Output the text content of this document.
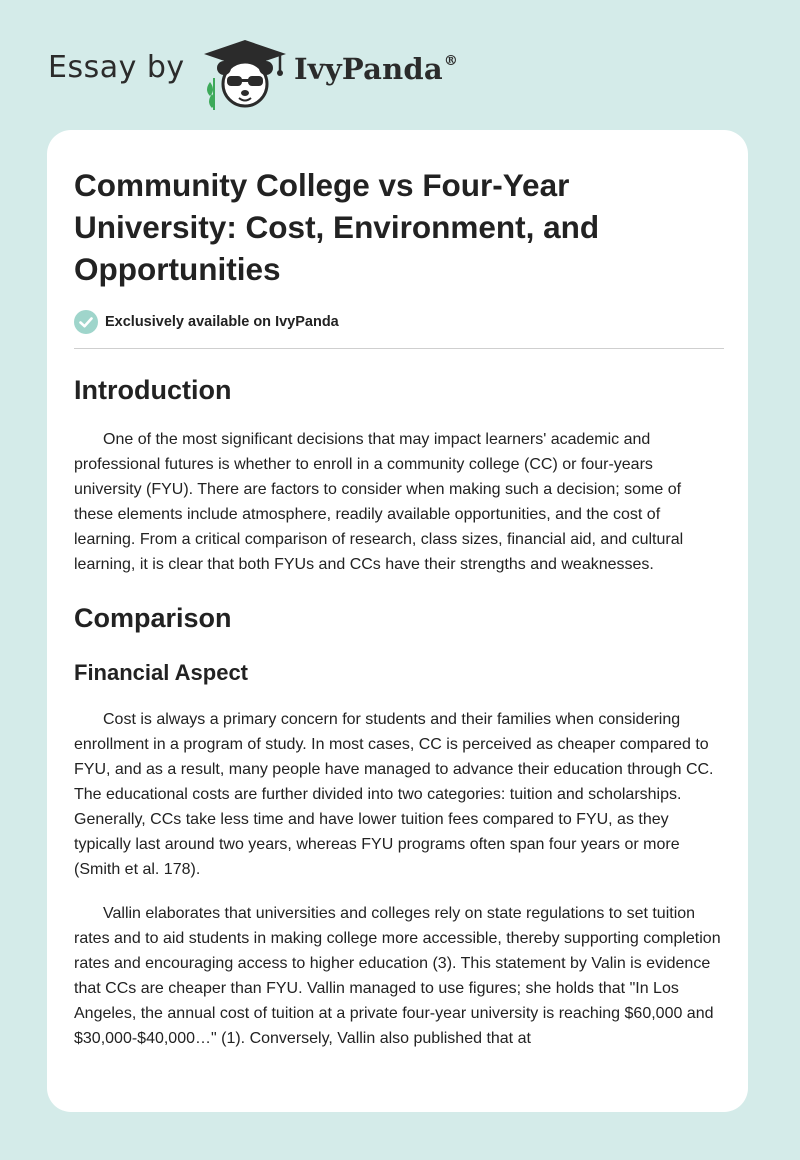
Essay by	IvyPanda®
Community College vs Four-Year University: Cost, Environment, and Opportunities
Exclusively available on IvyPanda
Introduction

One of the most significant decisions that may impact learners' academic and professional futures is whether to enroll in a community college (CC) or four-years university (FYU). There are factors to consider when making such a decision; some of these elements include atmosphere, readily available opportunities, and the cost of learning. From a critical comparison of research, class sizes, financial aid, and cultural learning, it is clear that both FYUs and CCs have their strengths and weaknesses.

Comparison
Financial Aspect

Cost is always a primary concern for students and their families when considering enrollment in a program of study. In most cases, CC is perceived as cheaper compared to FYU, and as a result, many people have managed to advance their education through CC. The educational costs are further divided into two categories: tuition and scholarships. Generally, CCs take less time and have lower tuition fees compared to FYU, as they typically last around two years, whereas FYU programs often span four years or more (Smith et al. 178).

Vallin elaborates that universities and colleges rely on state regulations to set tuition rates and to aid students in making college more accessible, thereby supporting completion rates and encouraging access to higher education (3). This statement by Valin is evidence that CCs are cheaper than FYU. Vallin managed to use figures; she holds that "In Los Angeles, the annual cost of tuition at a private four-year university is reaching $60,000 and $30,000-$40,000…" (1). Conversely, Vallin also published that at
